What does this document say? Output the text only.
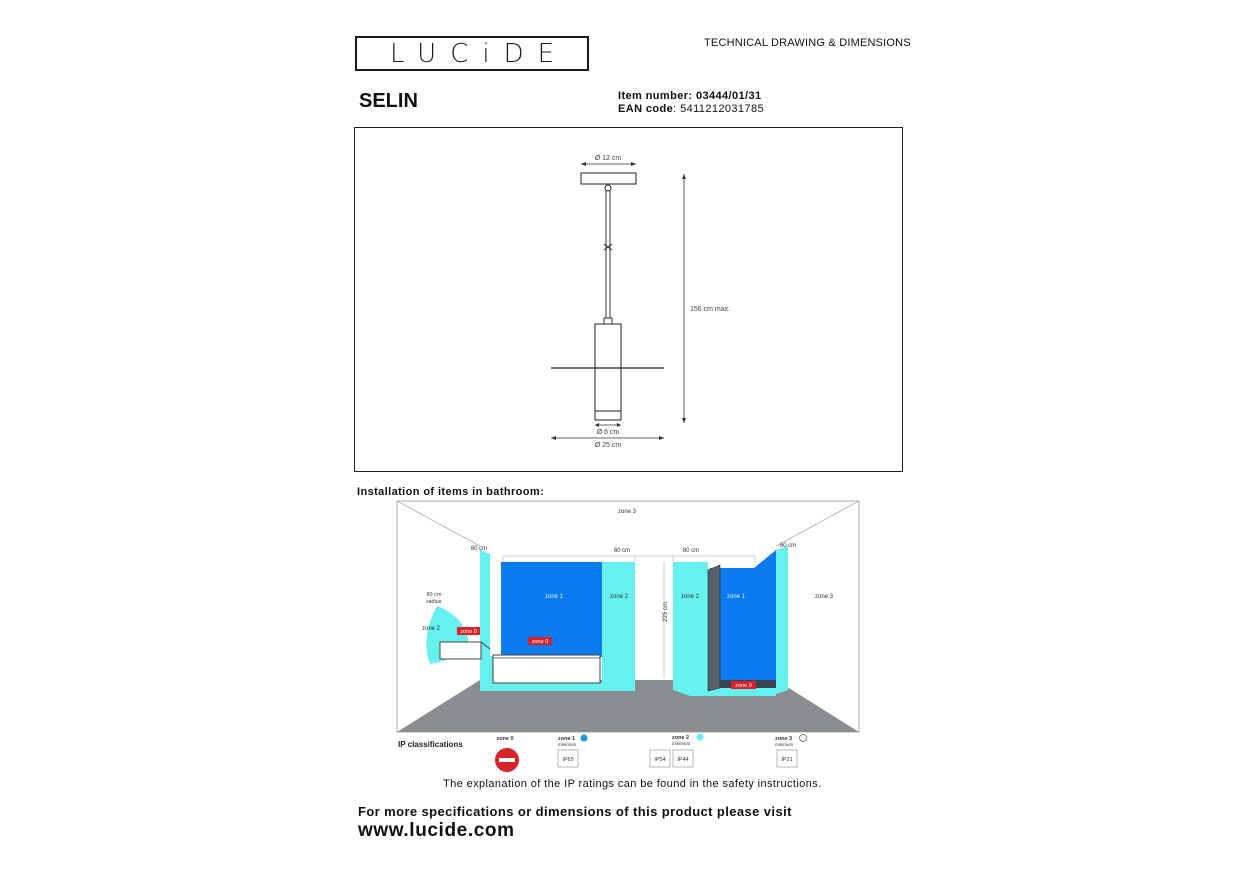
LUCiDE	TECHNICAL DRAWING & DIMENSIONS
SELIN	Item number: 03444/01/31
EAN code: 5411212031785
Ø 12 cm
Ø 6 cm
Ø 25 cm
156 cm max.
Installation of items in bathroom:
zone 3
zone 3
zone 1	zone 2	zone 2	zone 1
zone 2	zone 0
zone 0
zone 0
60 cm	60 cm	60 cm
60 cm
60 cm
radius
225 cm
IP classifications
zone 0	zone 1
minimum
IP65
zone 2
minimum
IP54 IP44
zone 3
minimum
IP21
The explanation of the IP ratings can be found in the safety instructions.
For more specifications or dimensions of this product please visit
www.lucide.com
